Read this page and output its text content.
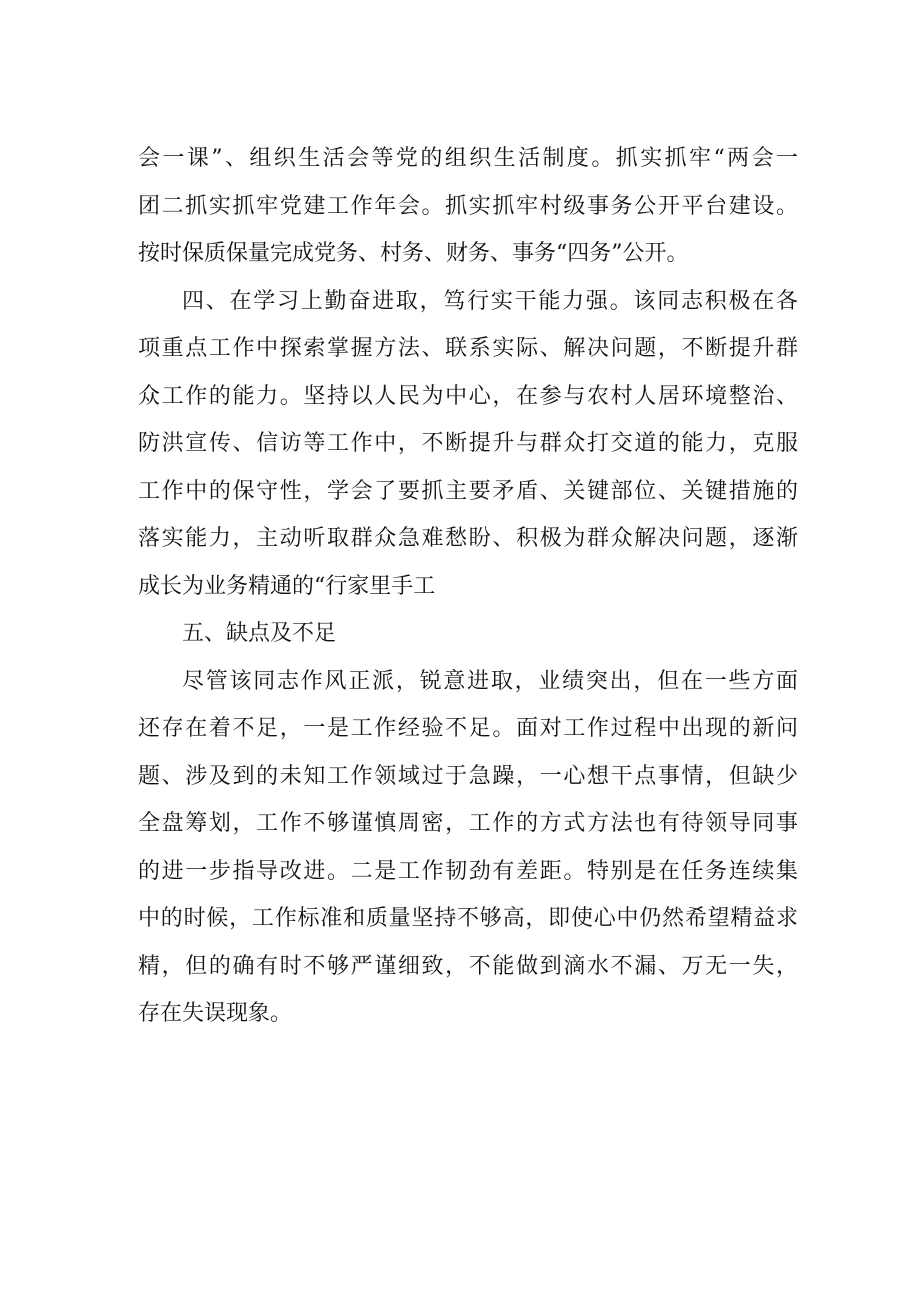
会一课”、组织生活会等党的组织生活制度。抓实抓牢“两会一
团二抓实抓牢党建工作年会。抓实抓牢村级事务公开平台建设。
按时保质保量完成党务、村务、财务、事务“四务”公开。
四、在学习上勤奋进取，笃行实干能力强。该同志积极在各
项重点工作中探索掌握方法、联系实际、解决问题，不断提升群
众工作的能力。坚持以人民为中心，在参与农村人居环境整治、
防洪宣传、信访等工作中，不断提升与群众打交道的能力，克服
工作中的保守性，学会了要抓主要矛盾、关键部位、关键措施的
落实能力，主动听取群众急难愁盼、积极为群众解决问题，逐渐
成长为业务精通的“行家里手工
五、缺点及不足
尽管该同志作风正派，锐意进取，业绩突出，但在一些方面
还存在着不足，一是工作经验不足。面对工作过程中出现的新问
题、涉及到的未知工作领域过于急躁，一心想干点事情，但缺少
全盘筹划，工作不够谨慎周密，工作的方式方法也有待领导同事
的进一步指导改进。二是工作韧劲有差距。特别是在任务连续集
中的时候，工作标准和质量坚持不够高，即使心中仍然希望精益求
精，但的确有时不够严谨细致，不能做到滴水不漏、万无一失，
存在失误现象。
